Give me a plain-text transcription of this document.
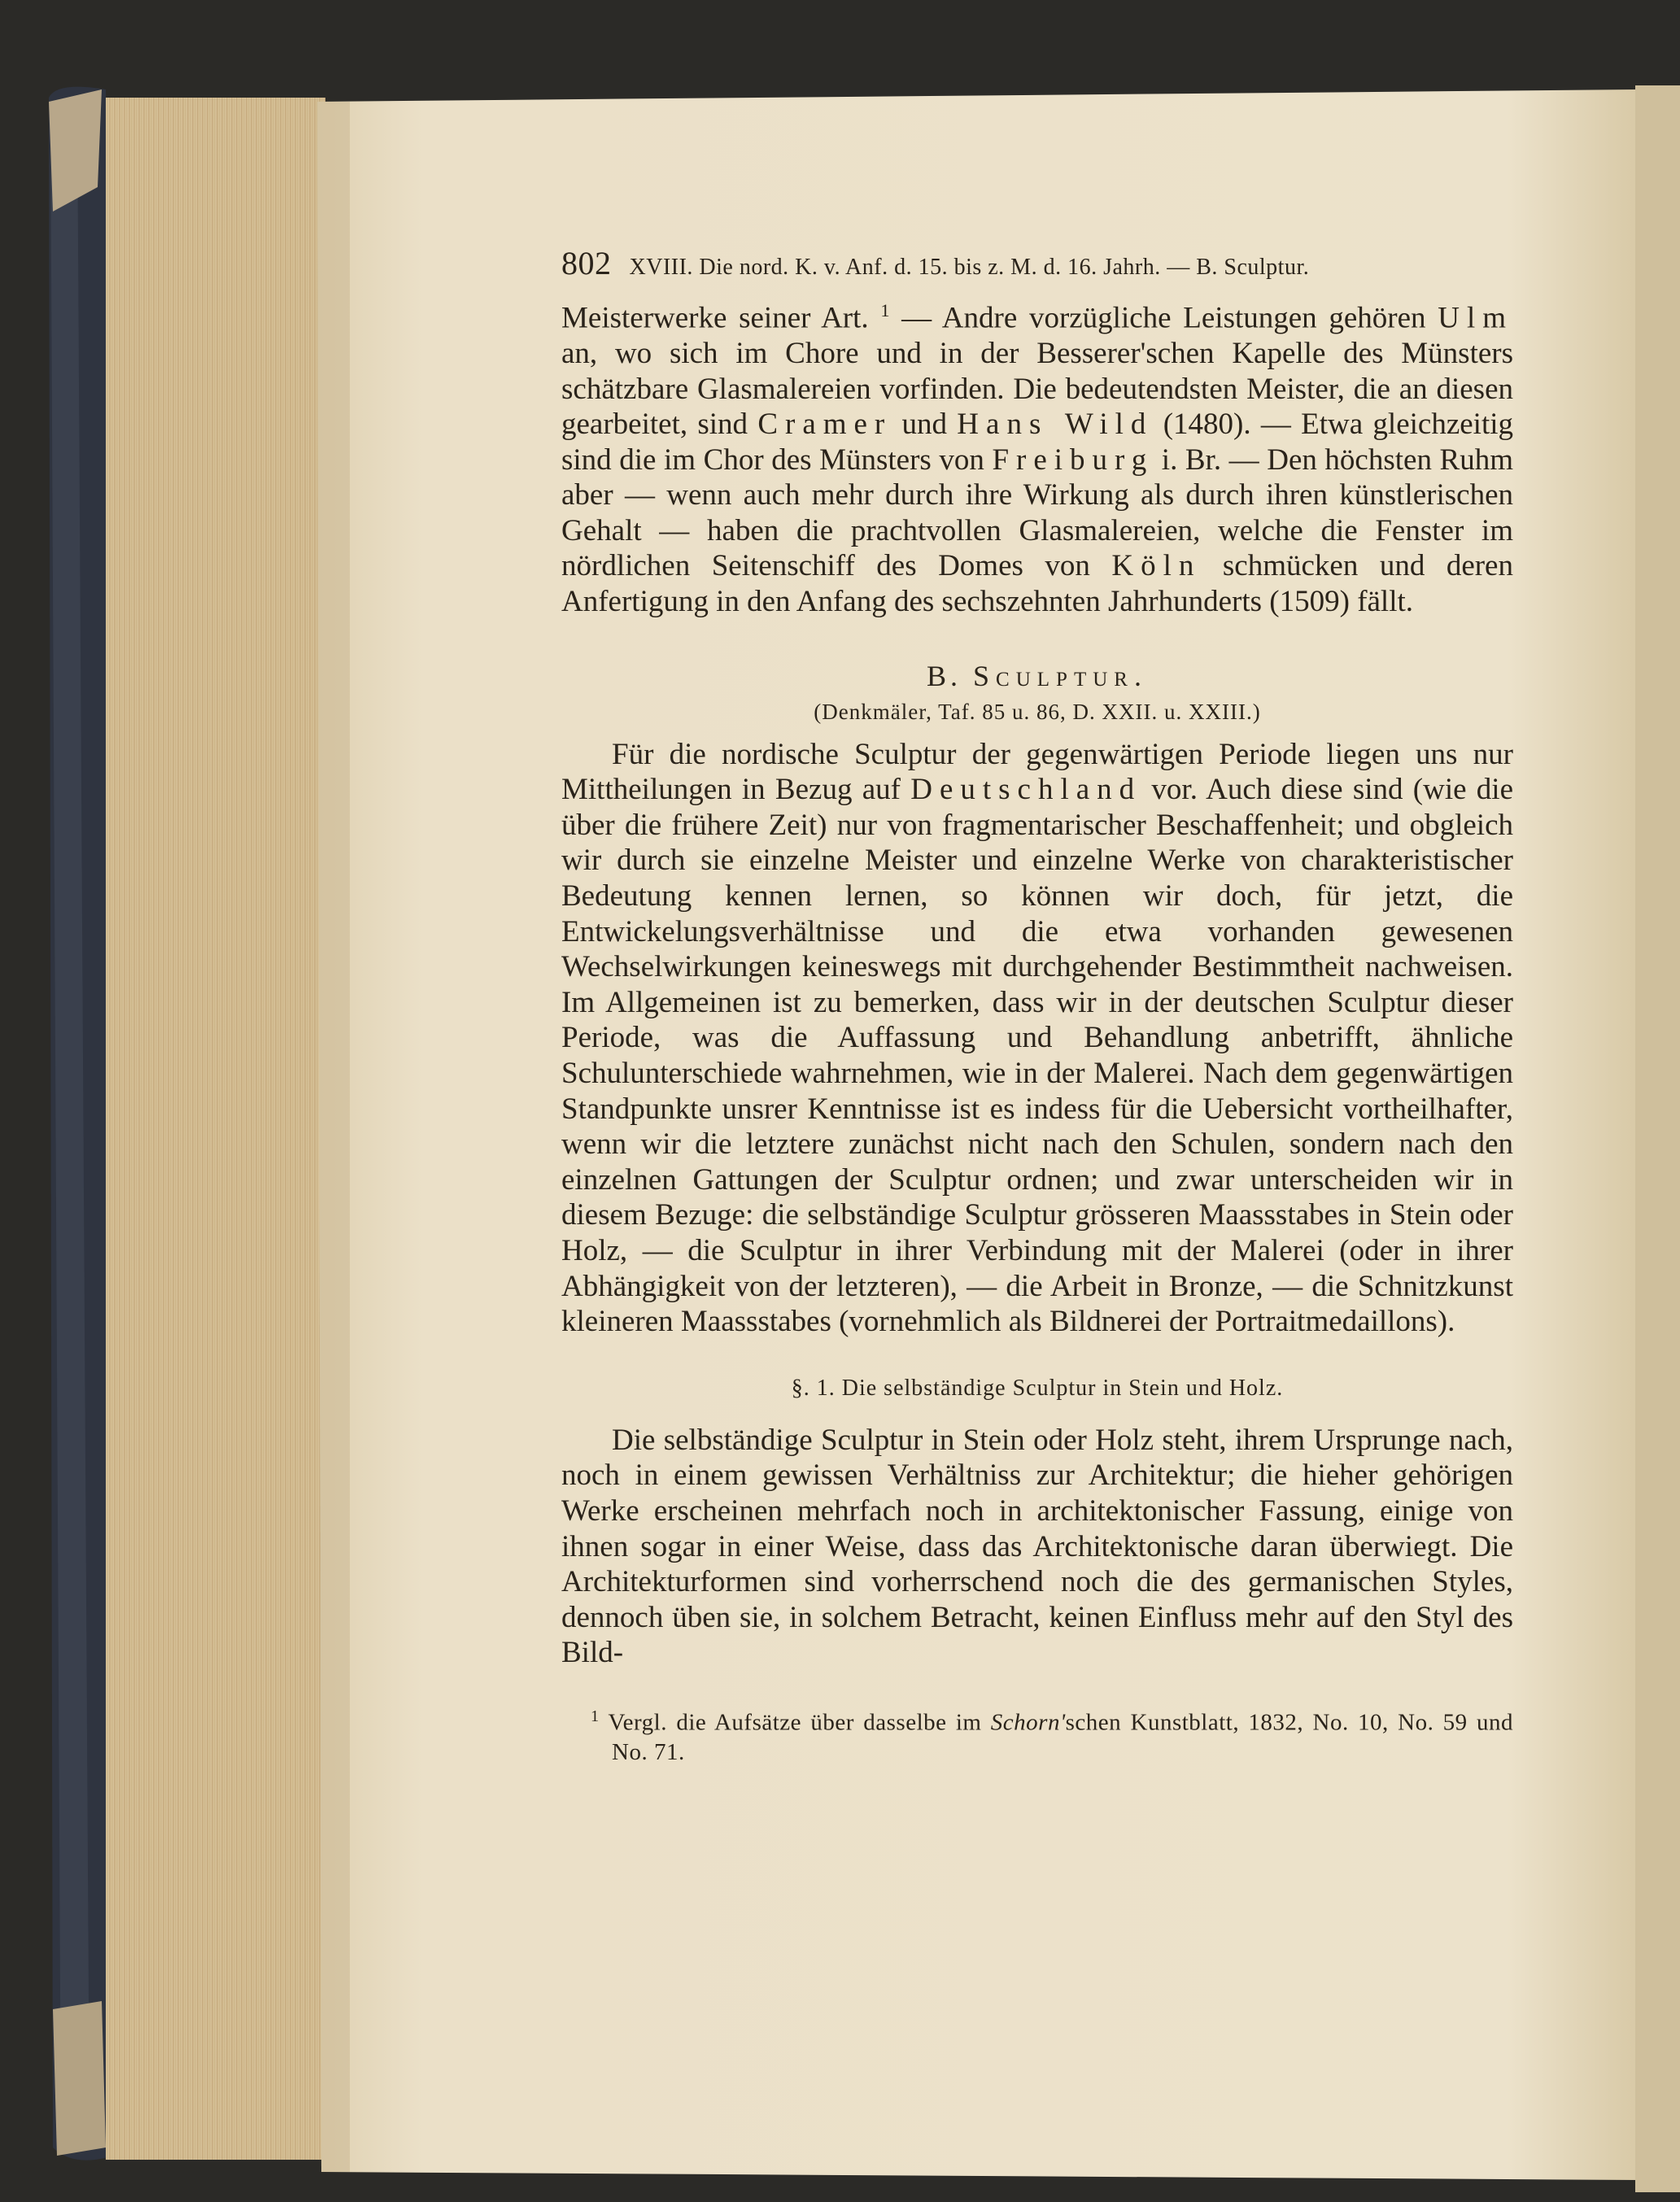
802 XVIII. Die nord. K. v. Anf. d. 15. bis z. M. d. 16. Jahrh. — B. Sculptur.

Meisterwerke seiner Art. $^1$ — Andre vorzügliche Leistungen gehören Ulm an, wo sich im Chore und in der Besserer'schen Kapelle des Münsters schätzbare Glasmalereien vorfinden. Die bedeutendsten Meister, die an diesen gearbeitet, sind Cramer und Hans Wild (1480). — Etwa gleichzeitig sind die im Chor des Münsters von Freiburg i. Br. — Den höchsten Ruhm aber — wenn auch mehr durch ihre Wirkung als durch ihren künstlerischen Gehalt — haben die prachtvollen Glasmalereien, welche die Fenster im nördlichen Seitenschiff des Domes von Köln schmücken und deren Anfertigung in den Anfang des sechszehnten Jahrhunderts (1509) fällt.

B. Sculptur.
(Denkmäler, Taf. 85 u. 86, D. XXII. u. XXIII.)

Für die nordische Sculptur der gegenwärtigen Periode liegen uns nur Mittheilungen in Bezug auf Deutschland vor. Auch diese sind (wie die über die frühere Zeit) nur von fragmentarischer Beschaffenheit; und obgleich wir durch sie einzelne Meister und einzelne Werke von charakteristischer Bedeutung kennen lernen, so können wir doch, für jetzt, die Entwickelungsverhältnisse und die etwa vorhanden gewesenen Wechselwirkungen keineswegs mit durchgehender Bestimmtheit nachweisen. Im Allgemeinen ist zu bemerken, dass wir in der deutschen Sculptur dieser Periode, was die Auffassung und Behandlung anbetrifft, ähnliche Schulunterschiede wahrnehmen, wie in der Malerei. Nach dem gegenwärtigen Standpunkte unsrer Kenntnisse ist es indess für die Uebersicht vortheilhafter, wenn wir die letztere zunächst nicht nach den Schulen, sondern nach den einzelnen Gattungen der Sculptur ordnen; und zwar unterscheiden wir in diesem Bezuge: die selbständige Sculptur grösseren Maassstabes in Stein oder Holz, — die Sculptur in ihrer Verbindung mit der Malerei (oder in ihrer Abhängigkeit von der letzteren), — die Arbeit in Bronze, — die Schnitzkunst kleineren Maassstabes (vornehmlich als Bildnerei der Portraitmedaillons).

§. 1. Die selbständige Sculptur in Stein und Holz.

Die selbständige Sculptur in Stein oder Holz steht, ihrem Ursprunge nach, noch in einem gewissen Verhältniss zur Architektur; die hieher gehörigen Werke erscheinen mehrfach noch in architektonischer Fassung, einige von ihnen sogar in einer Weise, dass das Architektonische daran überwiegt. Die Architekturformen sind vorherrschend noch die des germanischen Styles, dennoch üben sie, in solchem Betracht, keinen Einfluss mehr auf den Styl des Bild-

$^1$ Vergl. die Aufsätze über dasselbe im Schorn'schen Kunstblatt, 1832, No. 10, No. 59 und No. 71.
